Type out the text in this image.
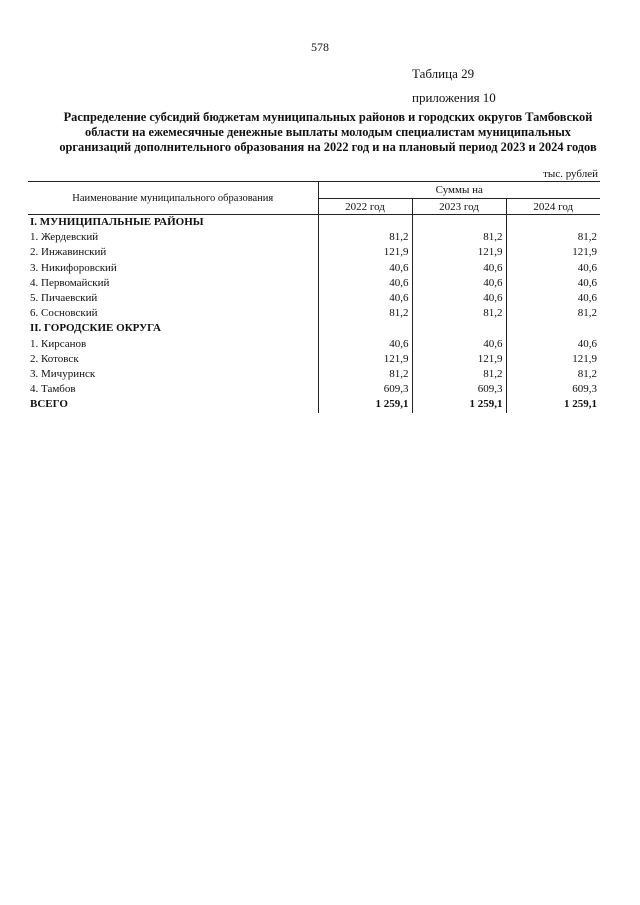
578
Таблица 29
приложения 10
Распределение субсидий бюджетам муниципальных районов и городских округов Тамбовской области на ежемесячные денежные выплаты молодым специалистам муниципальных организаций дополнительного образования на 2022 год и на плановый период 2023 и 2024 годов
тыс. рублей
Наименование муниципального образования	Суммы на		
	2022 год	2023 год	2024 год
I. МУНИЦИПАЛЬНЫЕ РАЙОНЫ			
1. Жердевский	81,2	81,2	81,2
2. Инжавинский	121,9	121,9	121,9
3. Никифоровский	40,6	40,6	40,6
4. Первомайский	40,6	40,6	40,6
5. Пичаевский	40,6	40,6	40,6
6. Сосновский	81,2	81,2	81,2
II. ГОРОДСКИЕ ОКРУГА			
1. Кирсанов	40,6	40,6	40,6
2. Котовск	121,9	121,9	121,9
3. Мичуринск	81,2	81,2	81,2
4. Тамбов	609,3	609,3	609,3
ВСЕГО	1 259,1	1 259,1	1 259,1
